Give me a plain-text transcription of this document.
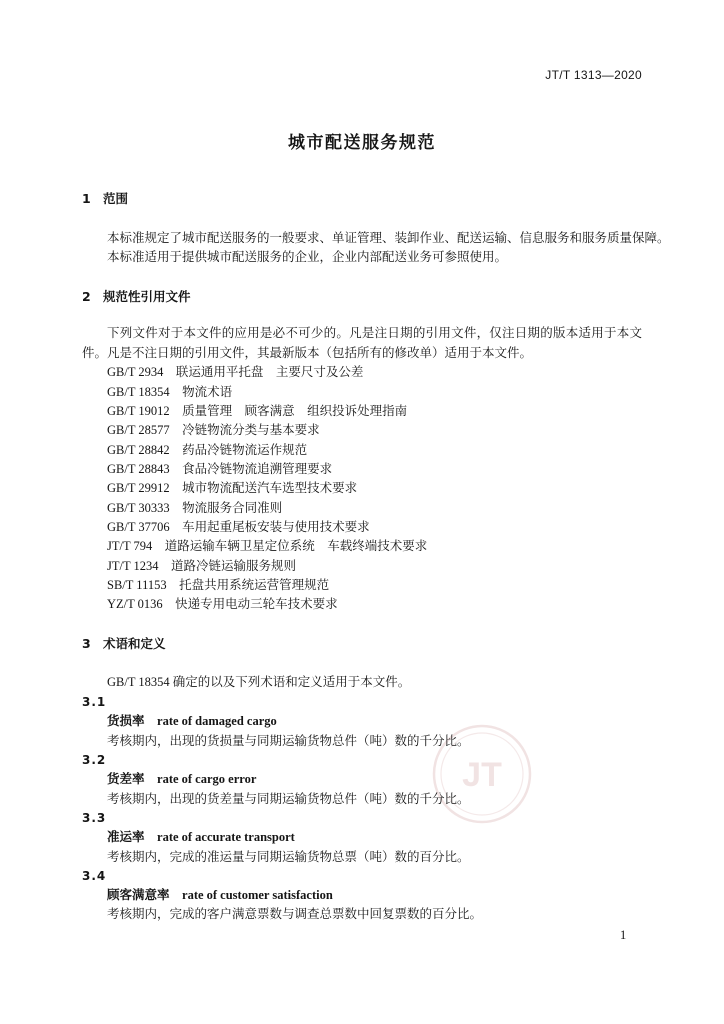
JT
JT/T 1313—2020
城市配送服务规范
1 范围
本标准规定了城市配送服务的一般要求、单证管理、装卸作业、配送运输、信息服务和服务质量保障。
本标准适用于提供城市配送服务的企业，企业内部配送业务可参照使用。
2 规范性引用文件
下列文件对于本文件的应用是必不可少的。凡是注日期的引用文件，仅注日期的版本适用于本文
件。凡是不注日期的引用文件，其最新版本（包括所有的修改单）适用于本文件。
GB/T 2934 联运通用平托盘　主要尺寸及公差
GB/T 18354 物流术语
GB/T 19012 质量管理　顾客满意　组织投诉处理指南
GB/T 28577 冷链物流分类与基本要求
GB/T 28842 药品冷链物流运作规范
GB/T 28843 食品冷链物流追溯管理要求
GB/T 29912 城市物流配送汽车选型技术要求
GB/T 30333 物流服务合同准则
GB/T 37706 车用起重尾板安装与使用技术要求
JT/T 794 道路运输车辆卫星定位系统　车载终端技术要求
JT/T 1234 道路冷链运输服务规则
SB/T 11153 托盘共用系统运营管理规范
YZ/T 0136 快递专用电动三轮车技术要求
3 术语和定义
GB/T 18354 确定的以及下列术语和定义适用于本文件。
3.1
货损率 rate of damaged cargo
考核期内，出现的货损量与同期运输货物总件（吨）数的千分比。
3.2
货差率 rate of cargo error
考核期内，出现的货差量与同期运输货物总件（吨）数的千分比。
3.3
准运率 rate of accurate transport
考核期内，完成的准运量与同期运输货物总票（吨）数的百分比。
3.4
顾客满意率 rate of customer satisfaction
考核期内，完成的客户满意票数与调查总票数中回复票数的百分比。
1
